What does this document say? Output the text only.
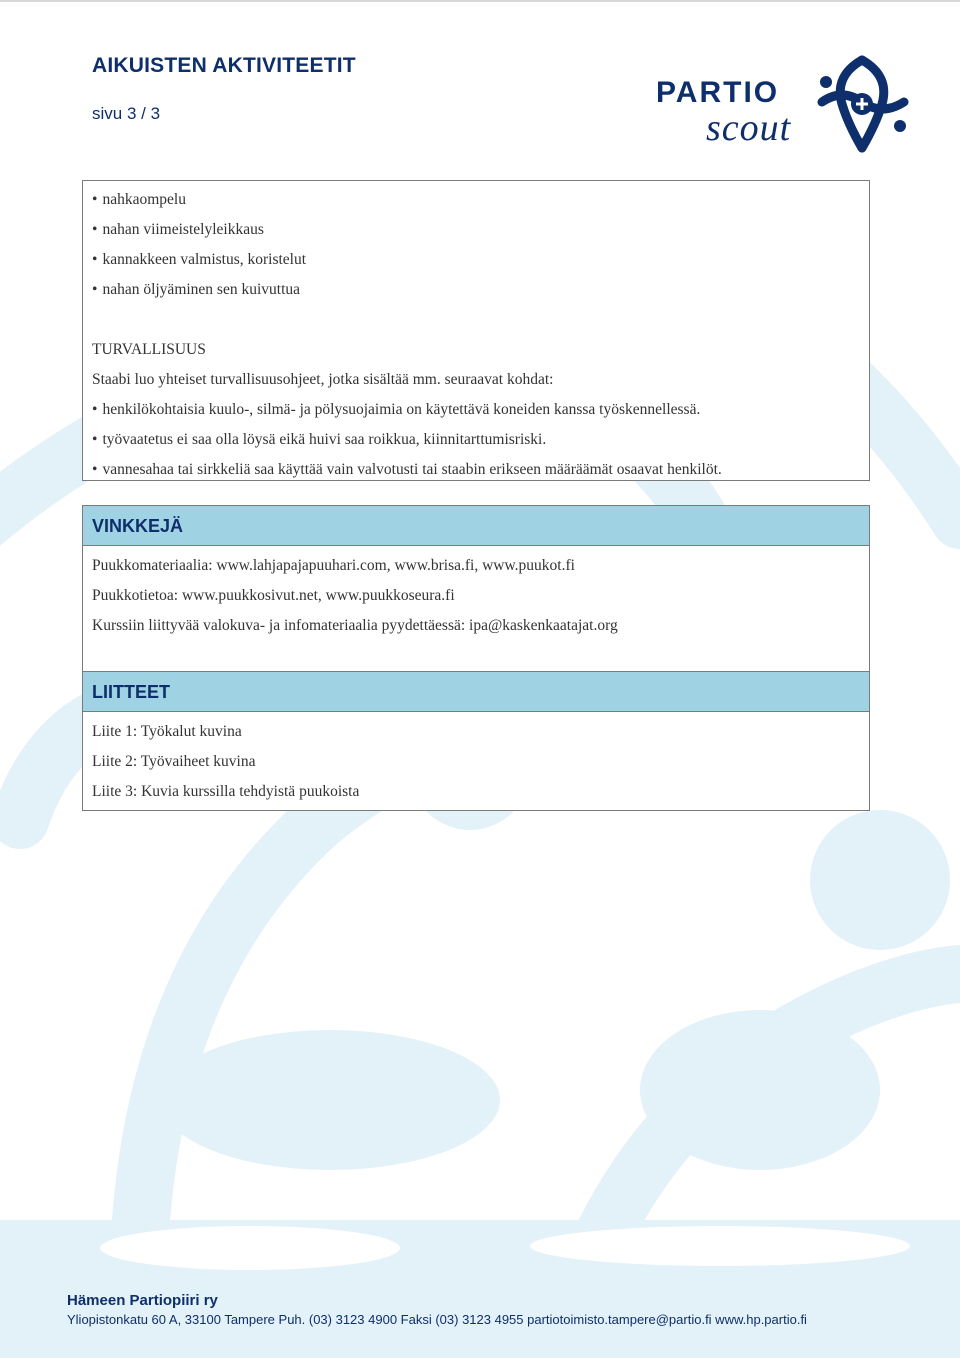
AIKUISTEN AKTIVITEETIT
sivu 3 / 3
PARTIO
scout
• nahkaompelu
• nahan viimeistelyleikkaus
• kannakkeen valmistus, koristelut
• nahan öljyäminen sen kuivuttua

TURVALLISUUS
Staabi luo yhteiset turvallisuusohjeet, jotka sisältää mm. seuraavat kohdat:
• henkilökohtaisia kuulo-, silmä- ja pölysuojaimia on käytettävä koneiden kanssa työskennellessä.
• työvaatetus ei saa olla löysä eikä huivi saa roikkua, kiinnitarttumisriski.
• vannesahaa tai sirkkeliä saa käyttää vain valvotusti tai staabin erikseen määräämät osaavat henkilöt.
VINKKEJÄ
Puukkomateriaalia: www.lahjapajapuuhari.com, www.brisa.fi, www.puukot.fi
Puukkotietoa: www.puukkosivut.net, www.puukkoseura.fi
Kurssiin liittyvää valokuva- ja infomateriaalia pyydettäessä: ipa@kaskenkaatajat.org
LIITTEET
Liite 1: Työkalut kuvina
Liite 2: Työvaiheet kuvina
Liite 3: Kuvia kurssilla tehdyistä puukoista
Hämeen Partiopiiri ry
Yliopistonkatu 60 A, 33100 Tampere Puh. (03) 3123 4900 Faksi (03) 3123 4955 partiotoimisto.tampere@partio.fi www.hp.partio.fi
